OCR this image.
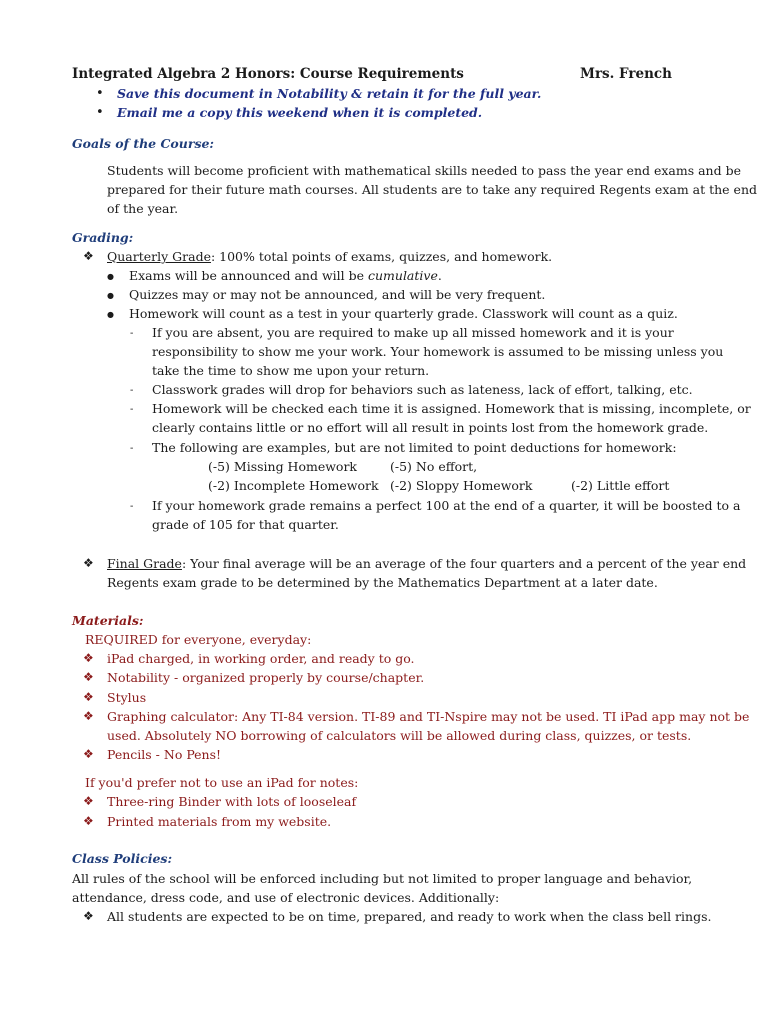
Integrated Algebra 2 Honors: Course Requirements	Mrs. French
• Save this document in Notability & retain it for the full year.
• Email me a copy this weekend when it is completed.
Goals of the Course:
Students will become proficient with mathematical skills needed to pass the year end exams and be
prepared for their future math courses. All students are to take any required Regents exam at the end
of the year.
Grading:
❖ Quarterly Grade: 100% total points of exams, quizzes, and homework.
● Exams will be announced and will be cumulative.
● Quizzes may or may not be announced, and will be very frequent.
● Homework will count as a test in your quarterly grade. Classwork will count as a quiz.
- If you are absent, you are required to make up all missed homework and it is your
responsibility to show me your work. Your homework is assumed to be missing unless you
take the time to show me upon your return.
- Classwork grades will drop for behaviors such as lateness, lack of effort, talking, etc.
- Homework will be checked each time it is assigned. Homework that is missing, incomplete, or
clearly contains little or no effort will all result in points lost from the homework grade.
- The following are examples, but are not limited to point deductions for homework:
(-5) Missing Homework	(-5) No effort,
(-2) Incomplete Homework (-2) Sloppy Homework	(-2) Little effort
- If your homework grade remains a perfect 100 at the end of a quarter, it will be boosted to a
grade of 105 for that quarter.
❖ Final Grade: Your final average will be an average of the four quarters and a percent of the year end
Regents exam grade to be determined by the Mathematics Department at a later date.
Materials:
REQUIRED for everyone, everyday:
❖ iPad charged, in working order, and ready to go.
❖ Notability - organized properly by course/chapter.
❖ Stylus
❖ Graphing calculator: Any TI-84 version. TI-89 and TI-Nspire may not be used. TI iPad app may not be
used. Absolutely NO borrowing of calculators will be allowed during class, quizzes, or tests.
❖ Pencils - No Pens!
If you'd prefer not to use an iPad for notes:
❖ Three-ring Binder with lots of looseleaf
❖ Printed materials from my website.
Class Policies:
All rules of the school will be enforced including but not limited to proper language and behavior,
attendance, dress code, and use of electronic devices. Additionally:
❖ All students are expected to be on time, prepared, and ready to work when the class bell rings.
